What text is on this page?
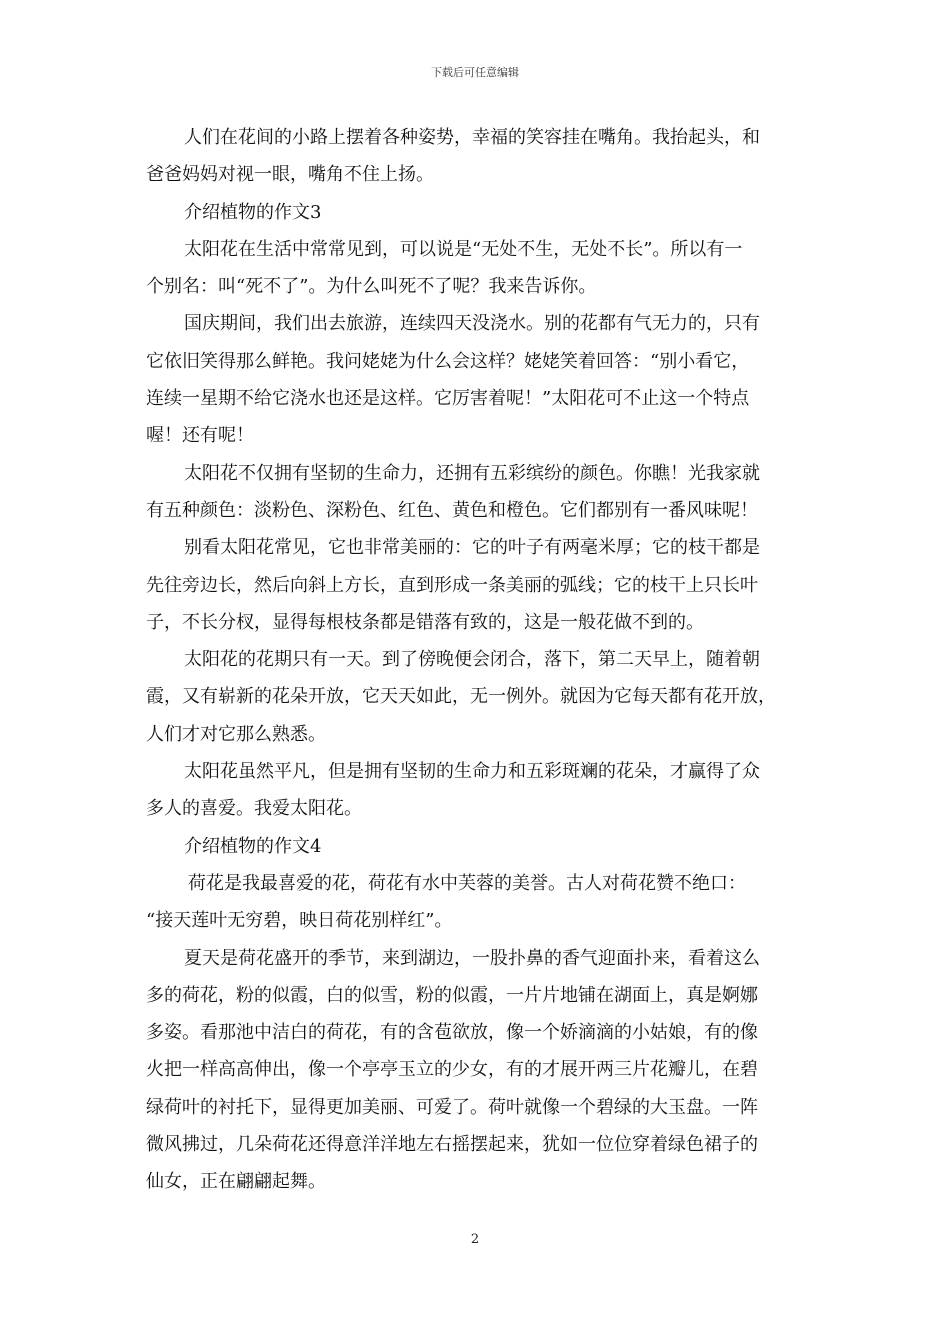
下载后可任意编辑
人们在花间的小路上摆着各种姿势，幸福的笑容挂在嘴角。我抬起头，和
爸爸妈妈对视一眼，嘴角不住上扬。
介绍植物的作文3
太阳花在生活中常常见到，可以说是“无处不生，无处不长”。所以有一
个别名：叫“死不了”。为什么叫死不了呢？我来告诉你。
国庆期间，我们出去旅游，连续四天没浇水。别的花都有气无力的，只有
它依旧笑得那么鲜艳。我问姥姥为什么会这样？姥姥笑着回答：“别小看它，
连续一星期不给它浇水也还是这样。它厉害着呢！”太阳花可不止这一个特点
喔！还有呢！
太阳花不仅拥有坚韧的生命力，还拥有五彩缤纷的颜色。你瞧！光我家就
有五种颜色：淡粉色、深粉色、红色、黄色和橙色。它们都别有一番风味呢！
别看太阳花常见，它也非常美丽的：它的叶子有两毫米厚；它的枝干都是
先往旁边长，然后向斜上方长，直到形成一条美丽的弧线；它的枝干上只长叶
子，不长分杈，显得每根枝条都是错落有致的，这是一般花做不到的。
太阳花的花期只有一天。到了傍晚便会闭合，落下，第二天早上，随着朝
霞，又有崭新的花朵开放，它天天如此，无一例外。就因为它每天都有花开放，
人们才对它那么熟悉。
太阳花虽然平凡，但是拥有坚韧的生命力和五彩斑斓的花朵，才赢得了众
多人的喜爱。我爱太阳花。
介绍植物的作文4
荷花是我最喜爱的花，荷花有水中芙蓉的美誉。古人对荷花赞不绝口：
“接天莲叶无穷碧，映日荷花别样红”。
夏天是荷花盛开的季节，来到湖边，一股扑鼻的香气迎面扑来，看着这么
多的荷花，粉的似霞，白的似雪，粉的似霞，一片片地铺在湖面上，真是婀娜
多姿。看那池中洁白的荷花，有的含苞欲放，像一个娇滴滴的小姑娘，有的像
火把一样高高伸出，像一个亭亭玉立的少女，有的才展开两三片花瓣儿，在碧
绿荷叶的衬托下，显得更加美丽、可爱了。荷叶就像一个碧绿的大玉盘。一阵
微风拂过，几朵荷花还得意洋洋地左右摇摆起来，犹如一位位穿着绿色裙子的
仙女，正在翩翩起舞。
2
